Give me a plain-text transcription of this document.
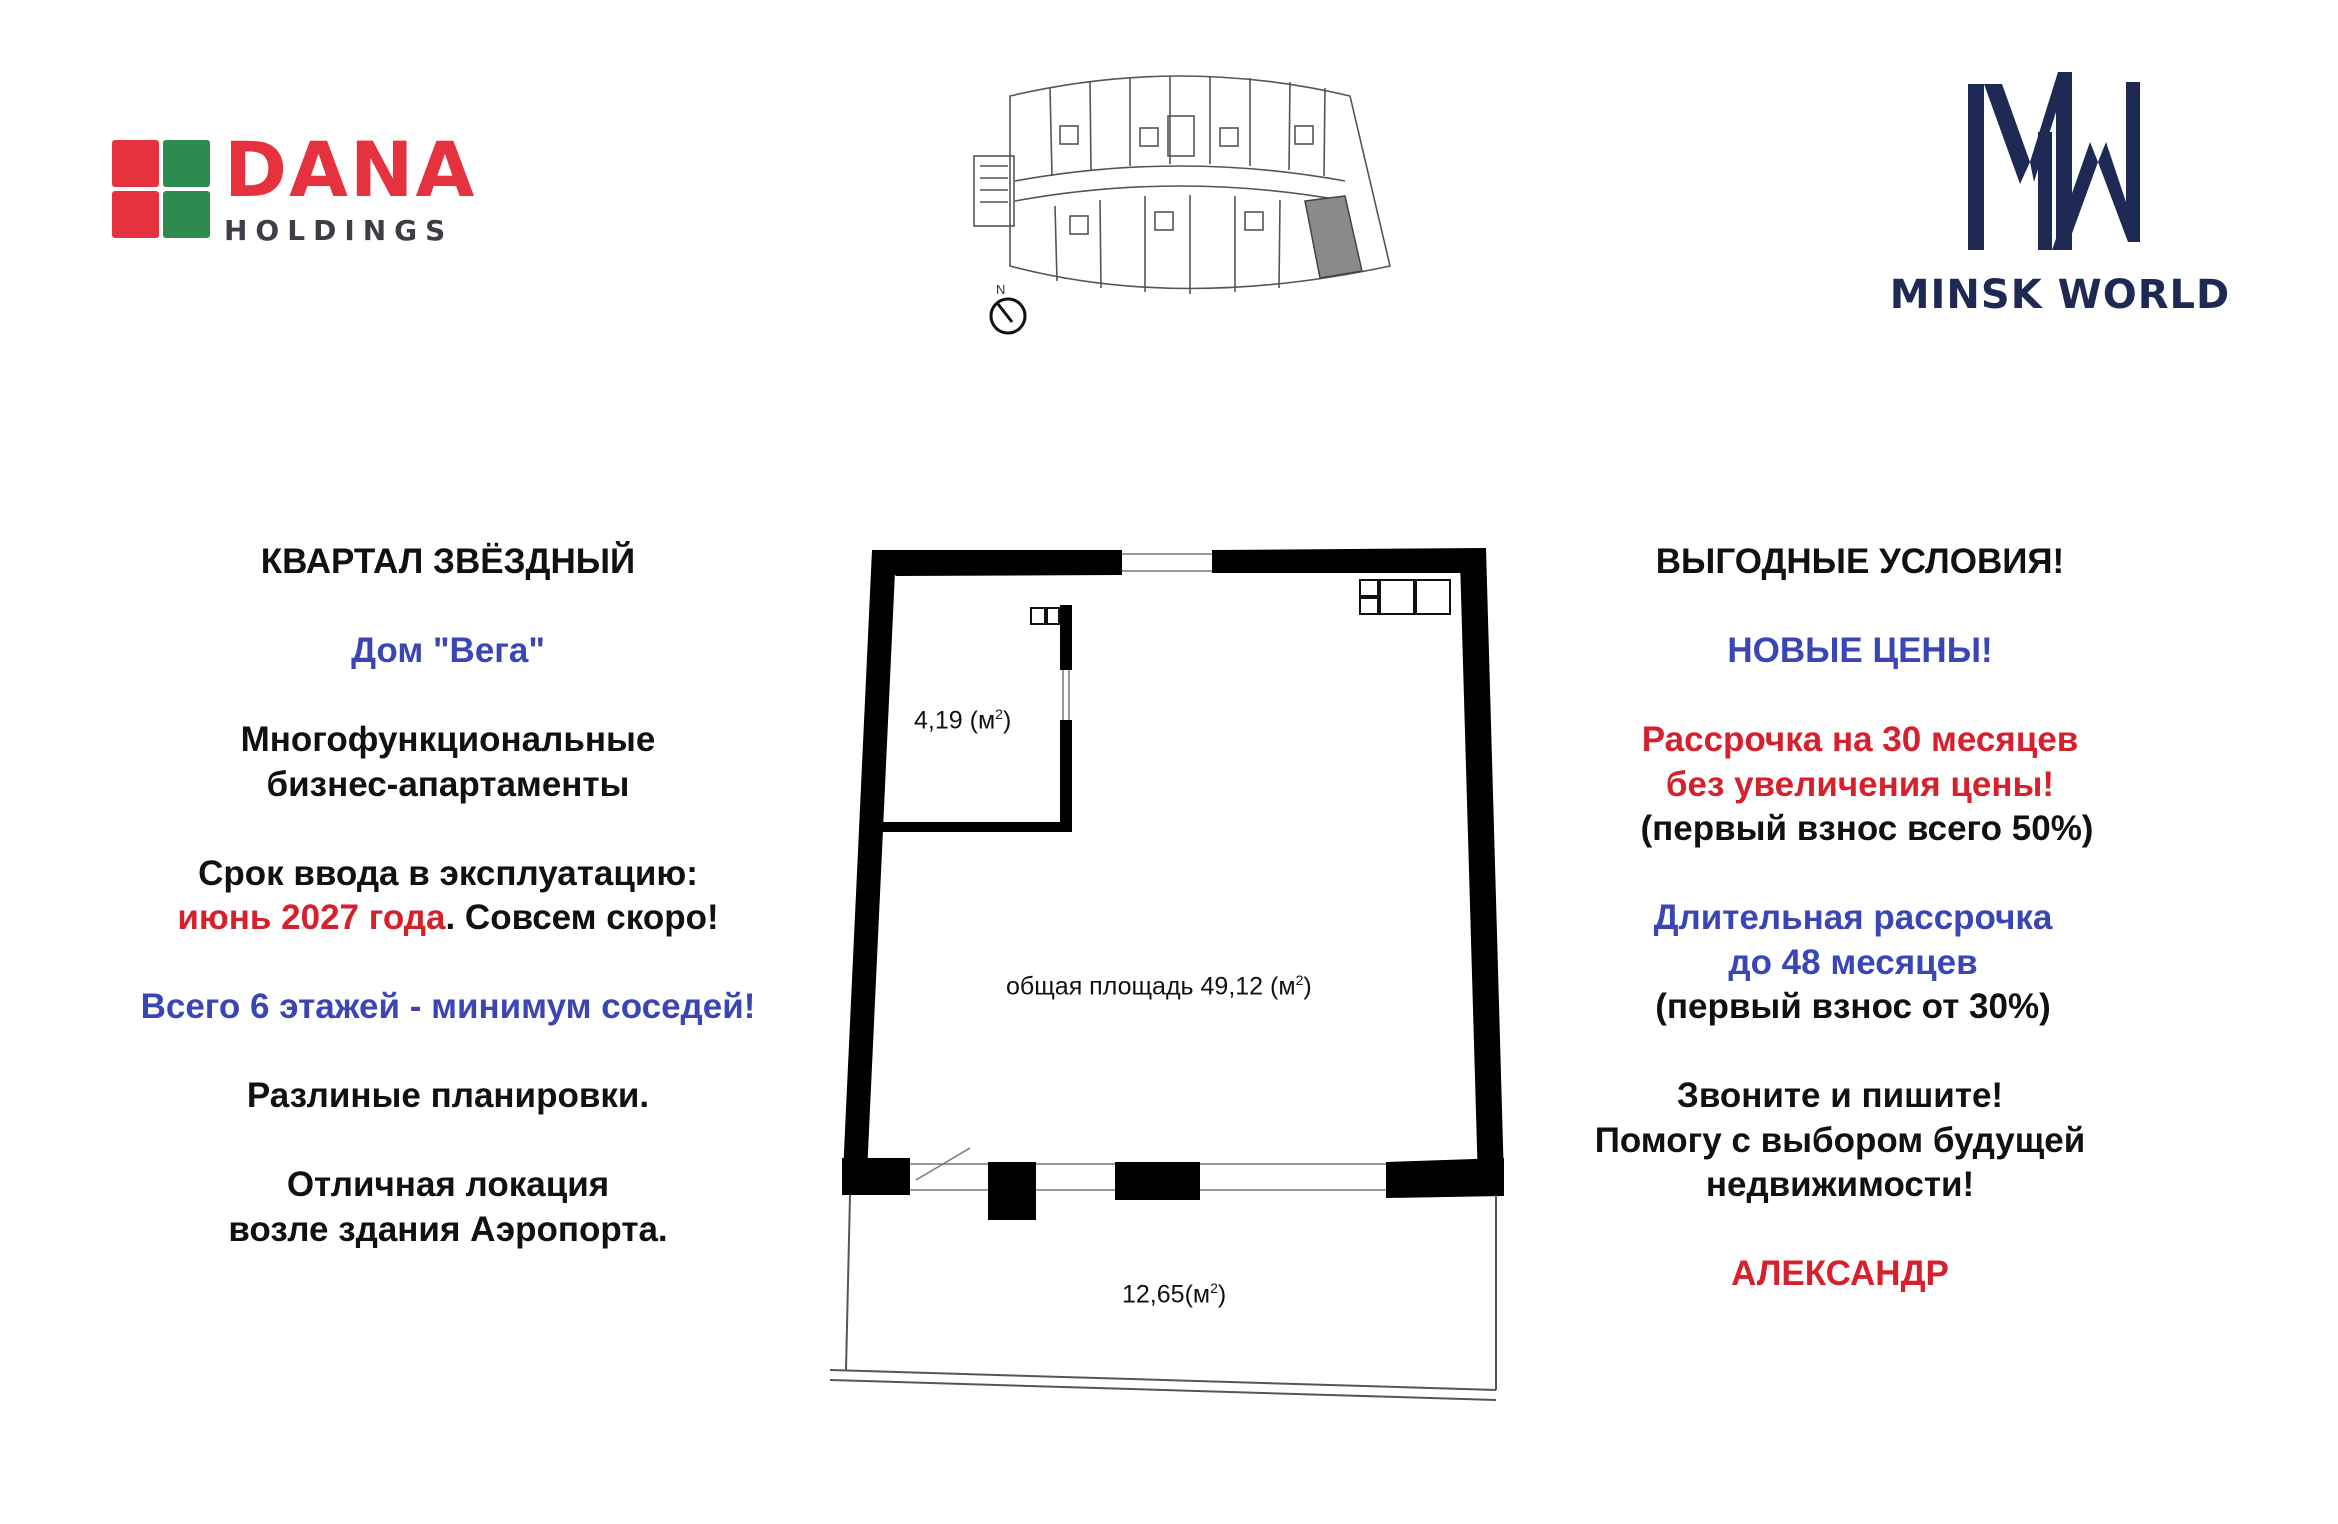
DANA
HOLDINGS
N	MINSK WORLD
КВАРТАЛ ЗВЁЗДНЫЙ
Дом "Вега"
Многофункциональные
бизнес-апартаменты
Срок ввода в эксплуатацию:
июнь 2027 года. Совсем скоро!
Всего 6 этажей - минимум соседей!
Разлиные планировки.
Отличная локация
возле здания Аэропорта.
4,19 $(м^2)$
общая площадь 49,12 $(м^2)$
$12,65(м^2)$
ВЫГОДНЫЕ УСЛОВИЯ!
НОВЫЕ ЦЕНЫ!
Рассрочка на 30 месяцев
без увеличения цены!
(первый взнос всего 50%)
Длительная рассрочка
до 48 месяцев
(первый взнос от 30%)
Звоните и пишите!
Помогу с выбором будущей
недвижимости!
АЛЕКСАНДР
